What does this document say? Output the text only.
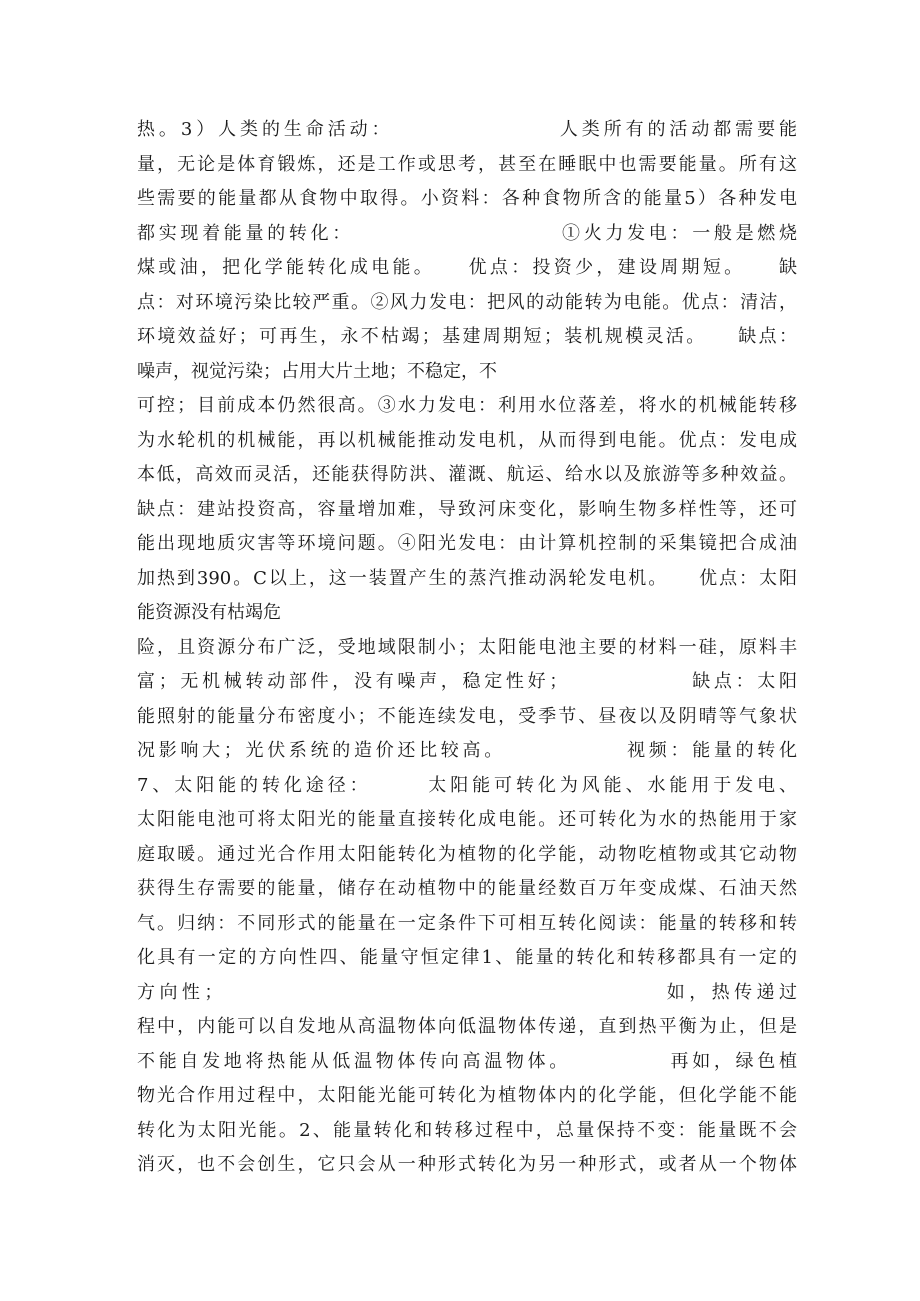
热。3）人类的生命活动：　　　　　　　　人类所有的活动都需要能
量，无论是体育锻炼，还是工作或思考，甚至在睡眠中也需要能量。所有这
些需要的能量都从食物中取得。小资料：各种食物所含的能量5）各种发电
都实现着能量的转化：　　　　　　　　　　①火力发电：一般是燃烧
煤或油，把化学能转化成电能。　　优点：投资少，建设周期短。　　缺
点：对环境污染比较严重。②风力发电：把风的动能转为电能。优点：清洁，
环境效益好；可再生，永不枯竭；基建周期短；装机规模灵活。　　缺点：
噪声，视觉污染；占用大片土地；不稳定，不
可控；目前成本仍然很高。③水力发电：利用水位落差，将水的机械能转移
为水轮机的机械能，再以机械能推动发电机，从而得到电能。优点：发电成
本低，高效而灵活，还能获得防洪、灌溉、航运、给水以及旅游等多种效益。
缺点：建站投资高，容量增加难，导致河床变化，影响生物多样性等，还可
能出现地质灾害等环境问题。④阳光发电：由计算机控制的采集镜把合成油
加热到390。C以上，这一装置产生的蒸汽推动涡轮发电机。　　优点：太阳
能资源没有枯竭危
险，且资源分布广泛，受地域限制小；太阳能电池主要的材料一硅，原料丰
富；无机械转动部件，没有噪声，稳定性好；　　　　　　缺点：太阳
能照射的能量分布密度小；不能连续发电，受季节、昼夜以及阴晴等气象状
况影响大；光伏系统的造价还比较高。　　　　　　视频：能量的转化
7、太阳能的转化途径：　　　太阳能可转化为风能、水能用于发电、
太阳能电池可将太阳光的能量直接转化成电能。还可转化为水的热能用于家
庭取暖。通过光合作用太阳能转化为植物的化学能，动物吃植物或其它动物
获得生存需要的能量，储存在动植物中的能量经数百万年变成煤、石油天然
气。归纳：不同形式的能量在一定条件下可相互转化阅读：能量的转移和转
化具有一定的方向性四、能量守恒定律1、能量的转化和转移都具有一定的
方向性；　　　　　　　　　　　　　　　　　　　　如，热传递过
程中，内能可以自发地从高温物体向低温物体传递，直到热平衡为止，但是
不能自发地将热能从低温物体传向高温物体。　　　　　再如，绿色植
物光合作用过程中，太阳能光能可转化为植物体内的化学能，但化学能不能
转化为太阳光能。2、能量转化和转移过程中，总量保持不变：能量既不会
消灭，也不会创生，它只会从一种形式转化为另一种形式，或者从一个物体
